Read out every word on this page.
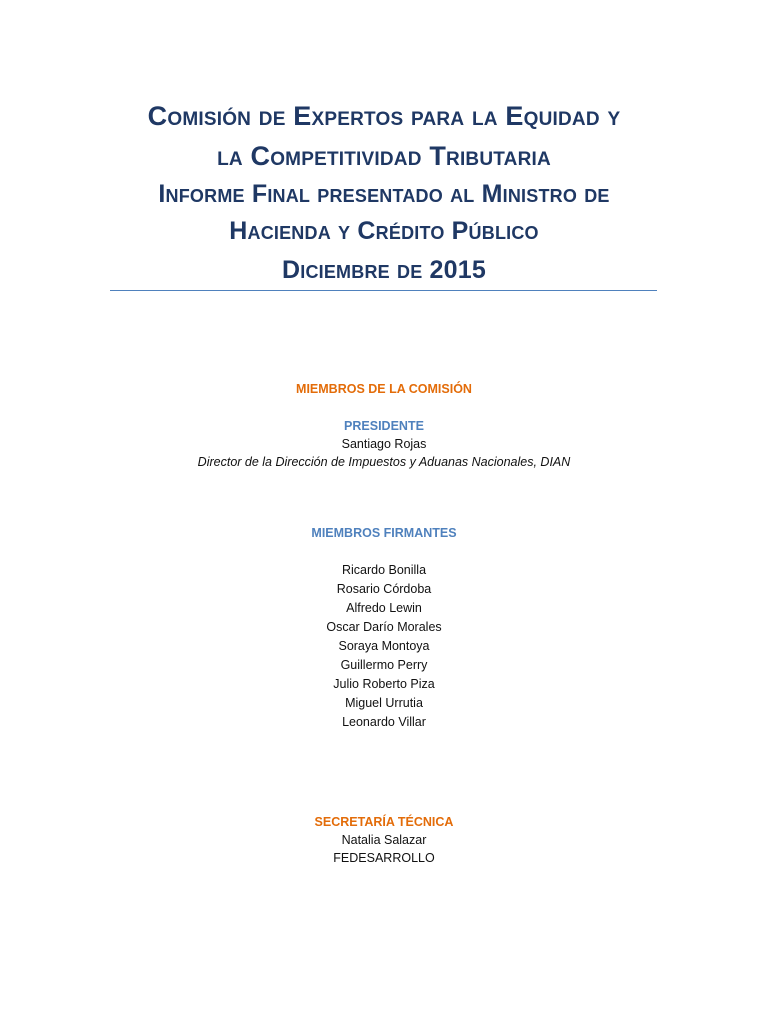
Comisión de Expertos para la Equidad y
la Competitividad Tributaria
Informe Final presentado al Ministro de
Hacienda y Crédito Público
Diciembre de 2015
MIEMBROS DE LA COMISIÓN
PRESIDENTE
Santiago Rojas
Director de la Dirección de Impuestos y Aduanas Nacionales, DIAN
MIEMBROS FIRMANTES
Ricardo Bonilla
Rosario Córdoba
Alfredo Lewin
Oscar Darío Morales
Soraya Montoya
Guillermo Perry
Julio Roberto Piza
Miguel Urrutia
Leonardo Villar
SECRETARÍA TÉCNICA
Natalia Salazar
FEDESARROLLO
